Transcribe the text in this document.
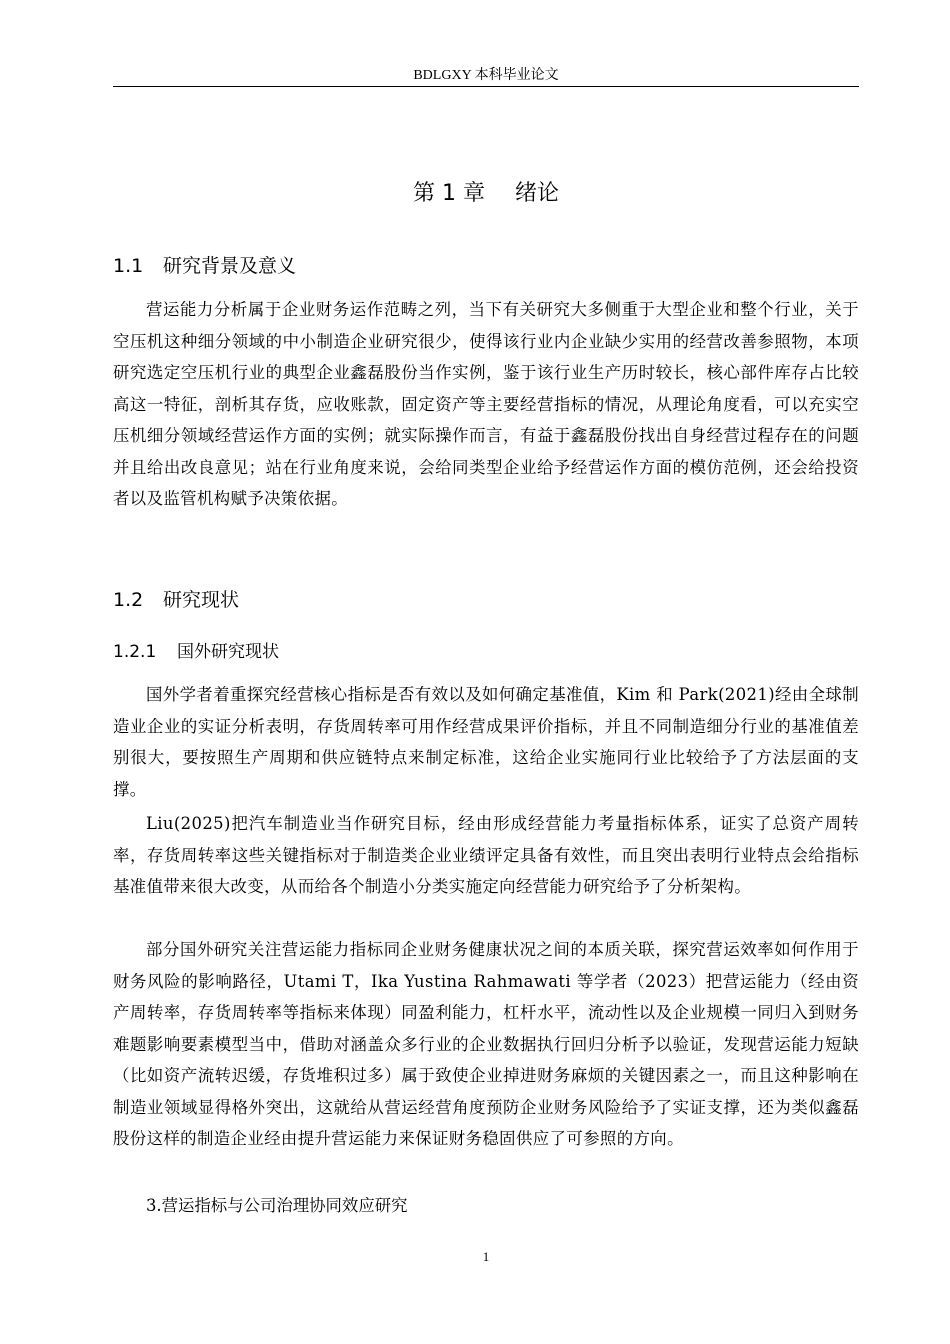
BDLGXY 本科毕业论文
第 1 章 绪论
1.1 研究背景及意义
营运能力分析属于企业财务运作范畴之列，当下有关研究大多侧重于大型企业和整个行业，关于空压机这种细分领域的中小制造企业研究很少，使得该行业内企业缺少实用的经营改善参照物，本项研究选定空压机行业的典型企业鑫磊股份当作实例，鉴于该行业生产历时较长，核心部件库存占比较高这一特征，剖析其存货，应收账款，固定资产等主要经营指标的情况，从理论角度看，可以充实空压机细分领域经营运作方面的实例；就实际操作而言，有益于鑫磊股份找出自身经营过程存在的问题并且给出改良意见；站在行业角度来说，会给同类型企业给予经营运作方面的模仿范例，还会给投资者以及监管机构赋予决策依据。
1.2 研究现状
1.2.1 国外研究现状
国外学者着重探究经营核心指标是否有效以及如何确定基准值，Kim 和 Park(2021)经由全球制造业企业的实证分析表明，存货周转率可用作经营成果评价指标，并且不同制造细分行业的基准值差别很大，要按照生产周期和供应链特点来制定标准，这给企业实施同行业比较给予了方法层面的支撑。
Liu(2025)把汽车制造业当作研究目标，经由形成经营能力考量指标体系，证实了总资产周转率，存货周转率这些关键指标对于制造类企业业绩评定具备有效性，而且突出表明行业特点会给指标基准值带来很大改变，从而给各个制造小分类实施定向经营能力研究给予了分析架构。
部分国外研究关注营运能力指标同企业财务健康状况之间的本质关联，探究营运效率如何作用于财务风险的影响路径，Utami T，Ika Yustina Rahmawati 等学者（2023）把营运能力（经由资产周转率，存货周转率等指标来体现）同盈利能力，杠杆水平，流动性以及企业规模一同归入到财务难题影响要素模型当中，借助对涵盖众多行业的企业数据执行回归分析予以验证，发现营运能力短缺（比如资产流转迟缓，存货堆积过多）属于致使企业掉进财务麻烦的关键因素之一，而且这种影响在制造业领域显得格外突出，这就给从营运经营角度预防企业财务风险给予了实证支撑，还为类似鑫磊股份这样的制造企业经由提升营运能力来保证财务稳固供应了可参照的方向。
3.营运指标与公司治理协同效应研究
1
